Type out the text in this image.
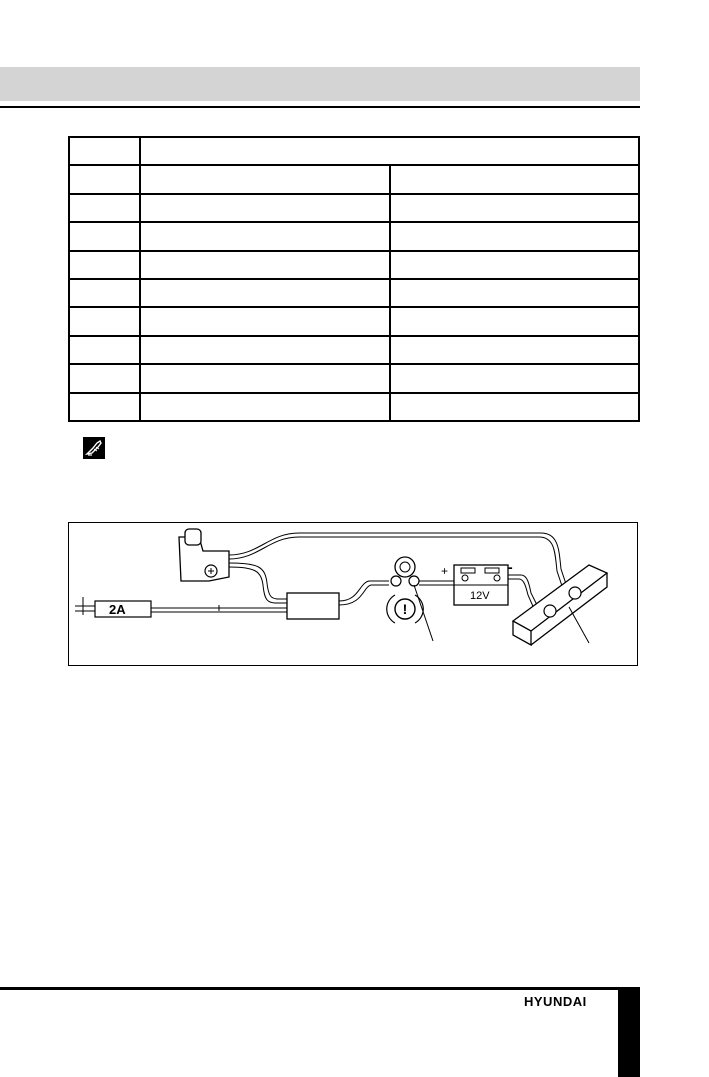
!
2A
12V
+	-
HYUNDAI
